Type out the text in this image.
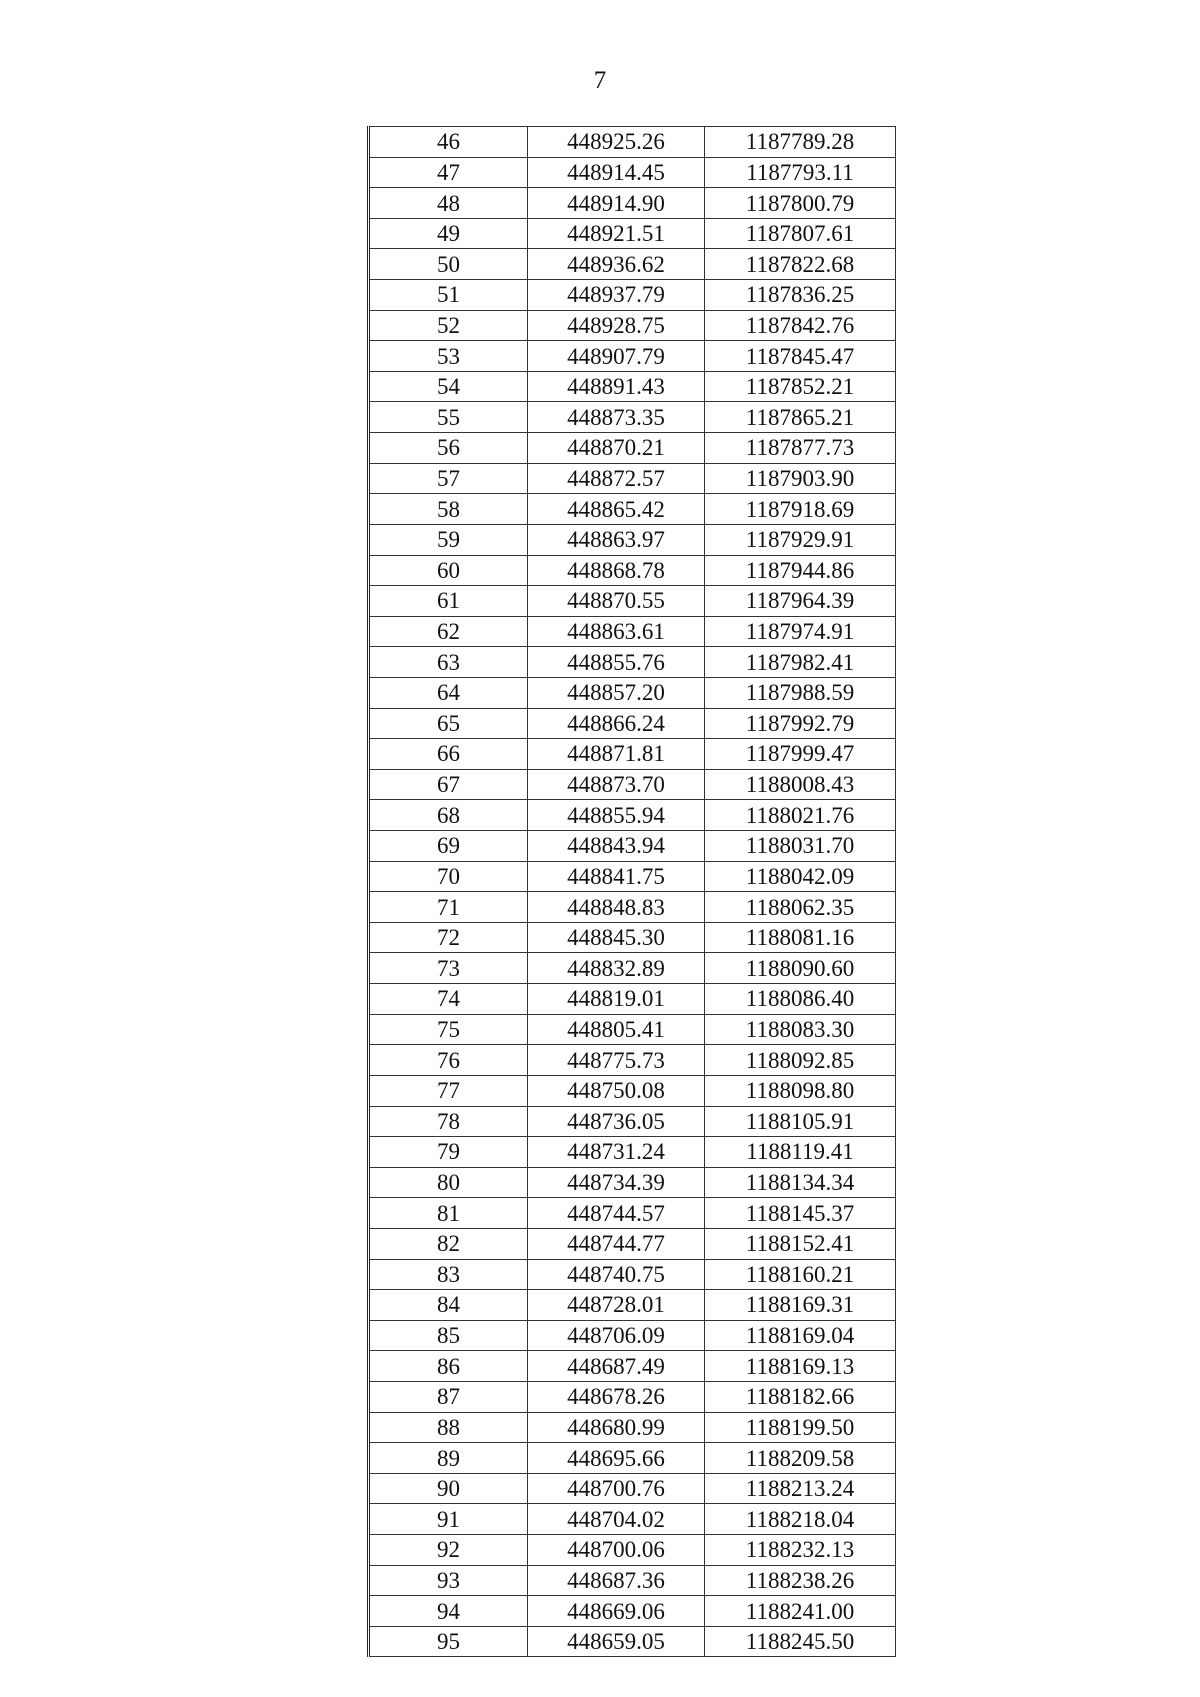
7
46	448925.26	1187789.28
47	448914.45	1187793.11
48	448914.90	1187800.79
49	448921.51	1187807.61
50	448936.62	1187822.68
51	448937.79	1187836.25
52	448928.75	1187842.76
53	448907.79	1187845.47
54	448891.43	1187852.21
55	448873.35	1187865.21
56	448870.21	1187877.73
57	448872.57	1187903.90
58	448865.42	1187918.69
59	448863.97	1187929.91
60	448868.78	1187944.86
61	448870.55	1187964.39
62	448863.61	1187974.91
63	448855.76	1187982.41
64	448857.20	1187988.59
65	448866.24	1187992.79
66	448871.81	1187999.47
67	448873.70	1188008.43
68	448855.94	1188021.76
69	448843.94	1188031.70
70	448841.75	1188042.09
71	448848.83	1188062.35
72	448845.30	1188081.16
73	448832.89	1188090.60
74	448819.01	1188086.40
75	448805.41	1188083.30
76	448775.73	1188092.85
77	448750.08	1188098.80
78	448736.05	1188105.91
79	448731.24	1188119.41
80	448734.39	1188134.34
81	448744.57	1188145.37
82	448744.77	1188152.41
83	448740.75	1188160.21
84	448728.01	1188169.31
85	448706.09	1188169.04
86	448687.49	1188169.13
87	448678.26	1188182.66
88	448680.99	1188199.50
89	448695.66	1188209.58
90	448700.76	1188213.24
91	448704.02	1188218.04
92	448700.06	1188232.13
93	448687.36	1188238.26
94	448669.06	1188241.00
95	448659.05	1188245.50
